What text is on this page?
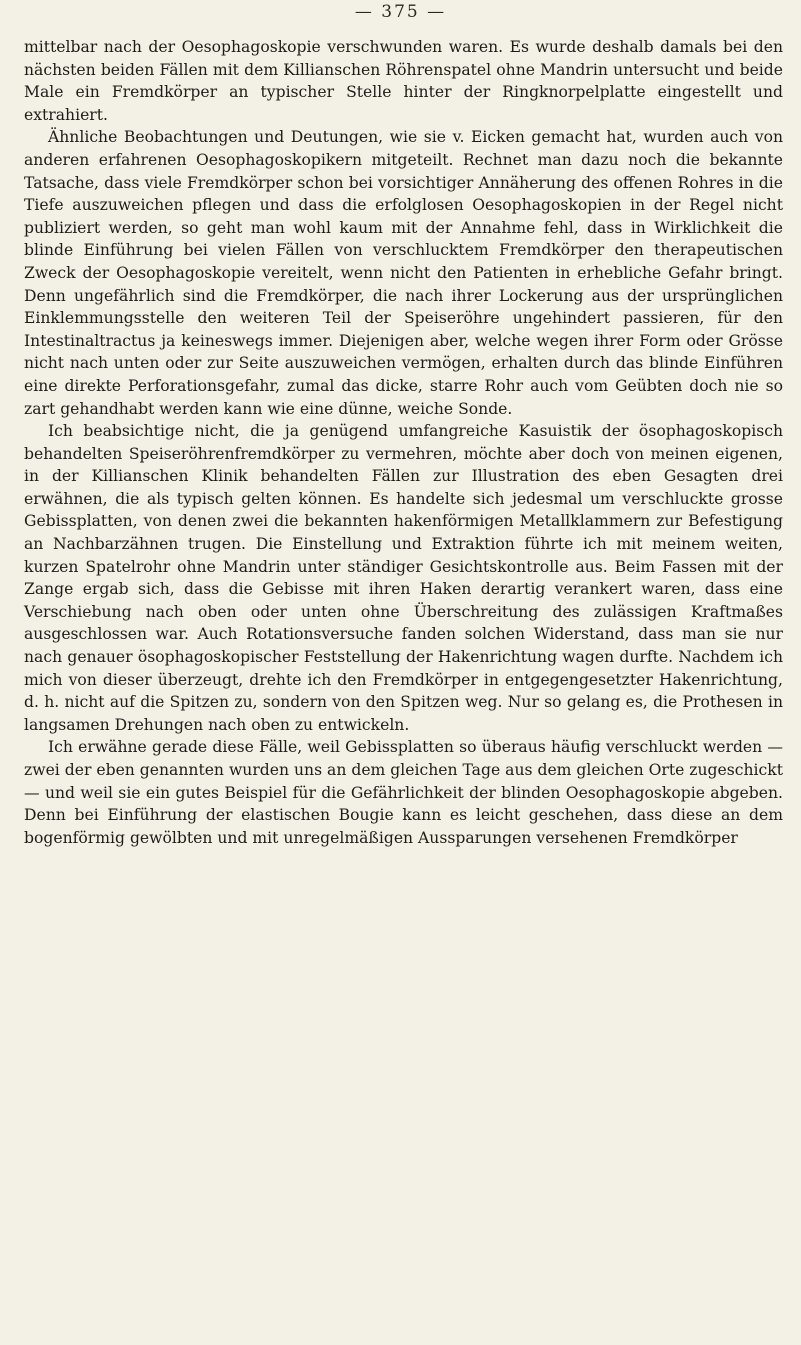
— 375 —

mittelbar nach der Oesophagoskopie verschwunden waren. Es wurde deshalb damals bei den nächsten beiden Fällen mit dem Killianschen Röhrenspatel ohne Mandrin untersucht und beide Male ein Fremdkörper an typischer Stelle hinter der Ringknorpelplatte eingestellt und extrahiert.

Ähnliche Beobachtungen und Deutungen, wie sie v. Eicken gemacht hat, wurden auch von anderen erfahrenen Oesophagoskopikern mitgeteilt. Rechnet man dazu noch die bekannte Tatsache, dass viele Fremdkörper schon bei vorsichtiger Annäherung des offenen Rohres in die Tiefe auszuweichen pflegen und dass die erfolglosen Oesophagoskopien in der Regel nicht publiziert werden, so geht man wohl kaum mit der Annahme fehl, dass in Wirklichkeit die blinde Einführung bei vielen Fällen von verschlucktem Fremdkörper den therapeutischen Zweck der Oesophagoskopie vereitelt, wenn nicht den Patienten in erhebliche Gefahr bringt. Denn ungefährlich sind die Fremdkörper, die nach ihrer Lockerung aus der ursprünglichen Einklemmungsstelle den weiteren Teil der Speiseröhre ungehindert passieren, für den Intestinaltractus ja keineswegs immer. Diejenigen aber, welche wegen ihrer Form oder Grösse nicht nach unten oder zur Seite auszuweichen vermögen, erhalten durch das blinde Einführen eine direkte Perforationsgefahr, zumal das dicke, starre Rohr auch vom Geübten doch nie so zart gehandhabt werden kann wie eine dünne, weiche Sonde.

Ich beabsichtige nicht, die ja genügend umfangreiche Kasuistik der ösophagoskopisch behandelten Speiseröhrenfremdkörper zu vermehren, möchte aber doch von meinen eigenen, in der Killianschen Klinik behandelten Fällen zur Illustration des eben Gesagten drei erwähnen, die als typisch gelten können. Es handelte sich jedesmal um verschluckte grosse Gebissplatten, von denen zwei die bekannten hakenförmigen Metallklammern zur Befestigung an Nachbarzähnen trugen. Die Einstellung und Extraktion führte ich mit meinem weiten, kurzen Spatelrohr ohne Mandrin unter ständiger Gesichtskontrolle aus. Beim Fassen mit der Zange ergab sich, dass die Gebisse mit ihren Haken derartig verankert waren, dass eine Verschiebung nach oben oder unten ohne Überschreitung des zulässigen Kraftmaßes ausgeschlossen war. Auch Rotationsversuche fanden solchen Widerstand, dass man sie nur nach genauer ösophagoskopischer Feststellung der Hakenrichtung wagen durfte. Nachdem ich mich von dieser überzeugt, drehte ich den Fremdkörper in entgegengesetzter Hakenrichtung, d. h. nicht auf die Spitzen zu, sondern von den Spitzen weg. Nur so gelang es, die Prothesen in langsamen Drehungen nach oben zu entwickeln.

Ich erwähne gerade diese Fälle, weil Gebissplatten so überaus häufig verschluckt werden — zwei der eben genannten wurden uns an dem gleichen Tage aus dem gleichen Orte zugeschickt — und weil sie ein gutes Beispiel für die Gefährlichkeit der blinden Oesophagoskopie abgeben. Denn bei Einführung der elastischen Bougie kann es leicht geschehen, dass diese an dem bogenförmig gewölbten und mit unregelmäßigen Aussparungen versehenen Fremdkörper
